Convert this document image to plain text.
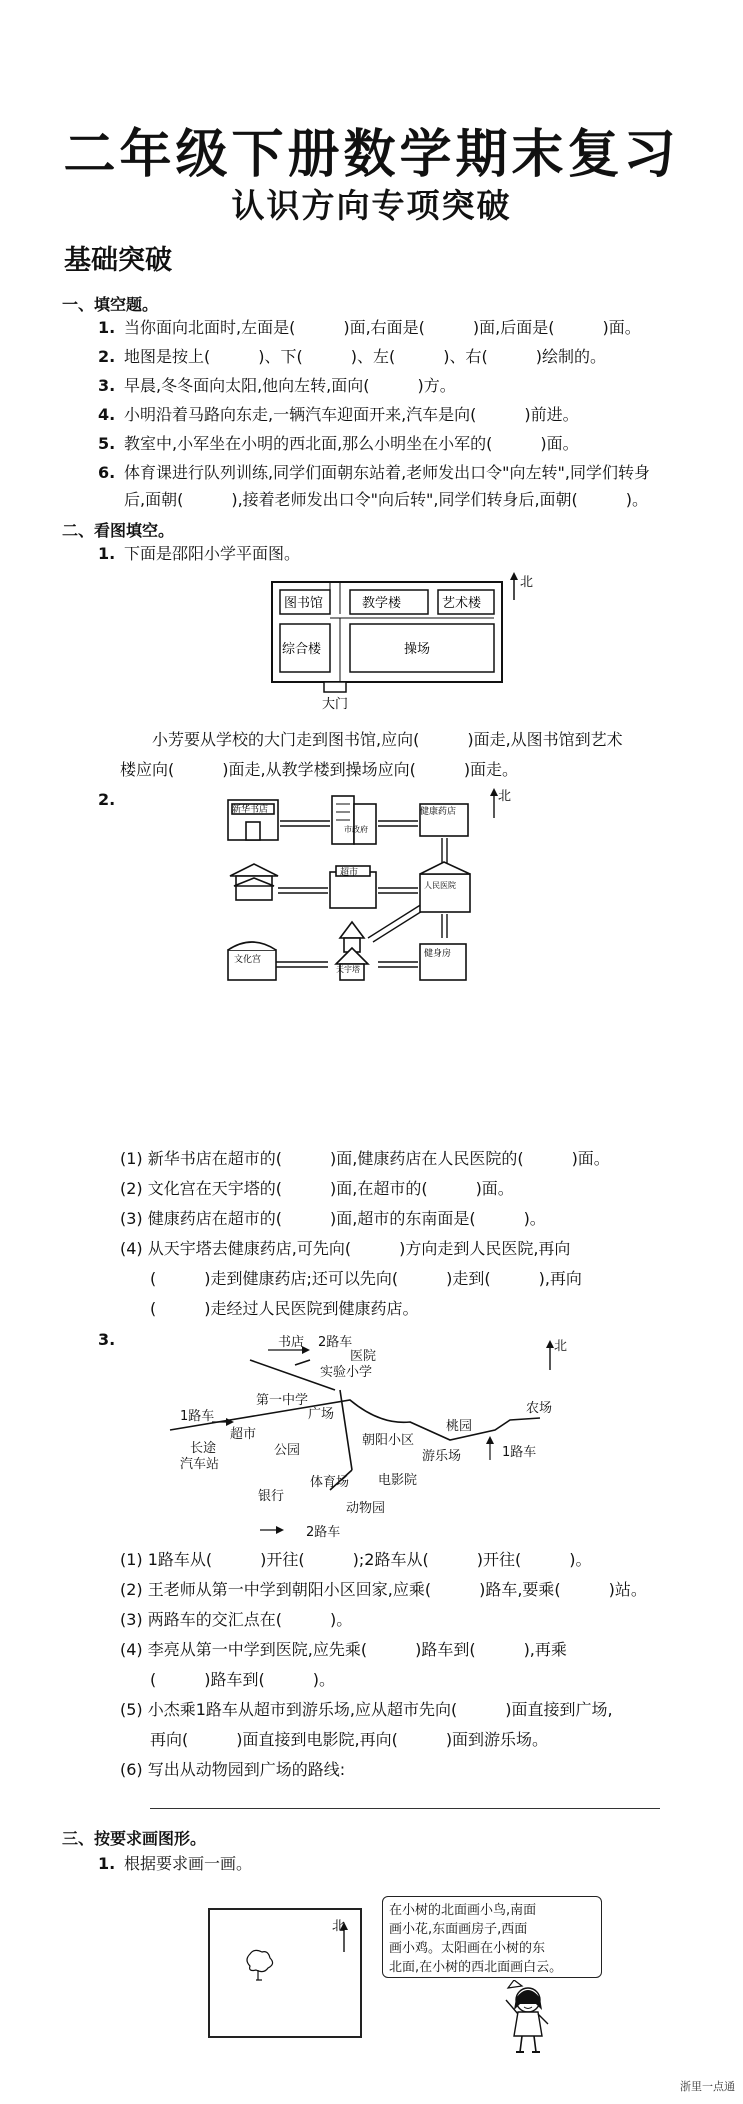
二年级下册数学期末复习
认识方向专项突破
基础突破
一、填空题。
1. 当你面向北面时,左面是(　　　)面,右面是(　　　)面,后面是(　　　)面。
2. 地图是按上(　　　)、下(　　　)、左(　　　)、右(　　　)绘制的。
3. 早晨,冬冬面向太阳,他向左转,面向(　　　)方。
4. 小明沿着马路向东走,一辆汽车迎面开来,汽车是向(　　　)前进。
5. 教室中,小军坐在小明的西北面,那么小明坐在小军的(　　　)面。
6. 体育课进行队列训练,同学们面朝东站着,老师发出口令"向左转",同学们转身
后,面朝(　　　),接着老师发出口令"向后转",同学们转身后,面朝(　　　)。
二、看图填空。
1. 下面是邵阳小学平面图。
北
图书馆	教学楼	艺术楼
综合楼	操场
大门
小芳要从学校的大门走到图书馆,应向(　　　)面走,从图书馆到艺术
楼应向(　　　)面走,从教学楼到操场应向(　　　)面走。
2.
新华书店
市政府
健康药店
北
超市
人民医院
文化宫
天宇塔
健身房
(1) 新华书店在超市的(　　　)面,健康药店在人民医院的(　　　)面。
(2) 文化宫在天宇塔的(　　　)面,在超市的(　　　)面。
(3) 健康药店在超市的(　　　)面,超市的东南面是(　　　)。
(4) 从天宇塔去健康药店,可先向(　　　)方向走到人民医院,再向
(　　　)走到健康药店;还可以先向(　　　)走到(　　　),再向
(　　　)走经过人民医院到健康药店。
3.	北
书店 2路车
医院
实验小学
1路车
第一中学
广场
超市
长途
汽车站
公园
朝阳小区
桃园
农场
游乐场	1路车
体育场 电影院
银行
动物园
2路车
(1) 1路车从(　　　)开往(　　　);2路车从(　　　)开往(　　　)。
(2) 王老师从第一中学到朝阳小区回家,应乘(　　　)路车,要乘(　　　)站。
(3) 两路车的交汇点在(　　　)。
(4) 李亮从第一中学到医院,应先乘(　　　)路车到(　　　),再乘
(　　　)路车到(　　　)。
(5) 小杰乘1路车从超市到游乐场,应从超市先向(　　　)面直接到广场,
再向(　　　)面直接到电影院,再向(　　　)面到游乐场。
(6) 写出从动物园到广场的路线:
三、按要求画图形。
1. 根据要求画一画。
北
在小树的北面画小鸟,南面
画小花,东面画房子,西面
画小鸡。太阳画在小树的东
北面,在小树的西北面画白云。
浙里一点通
